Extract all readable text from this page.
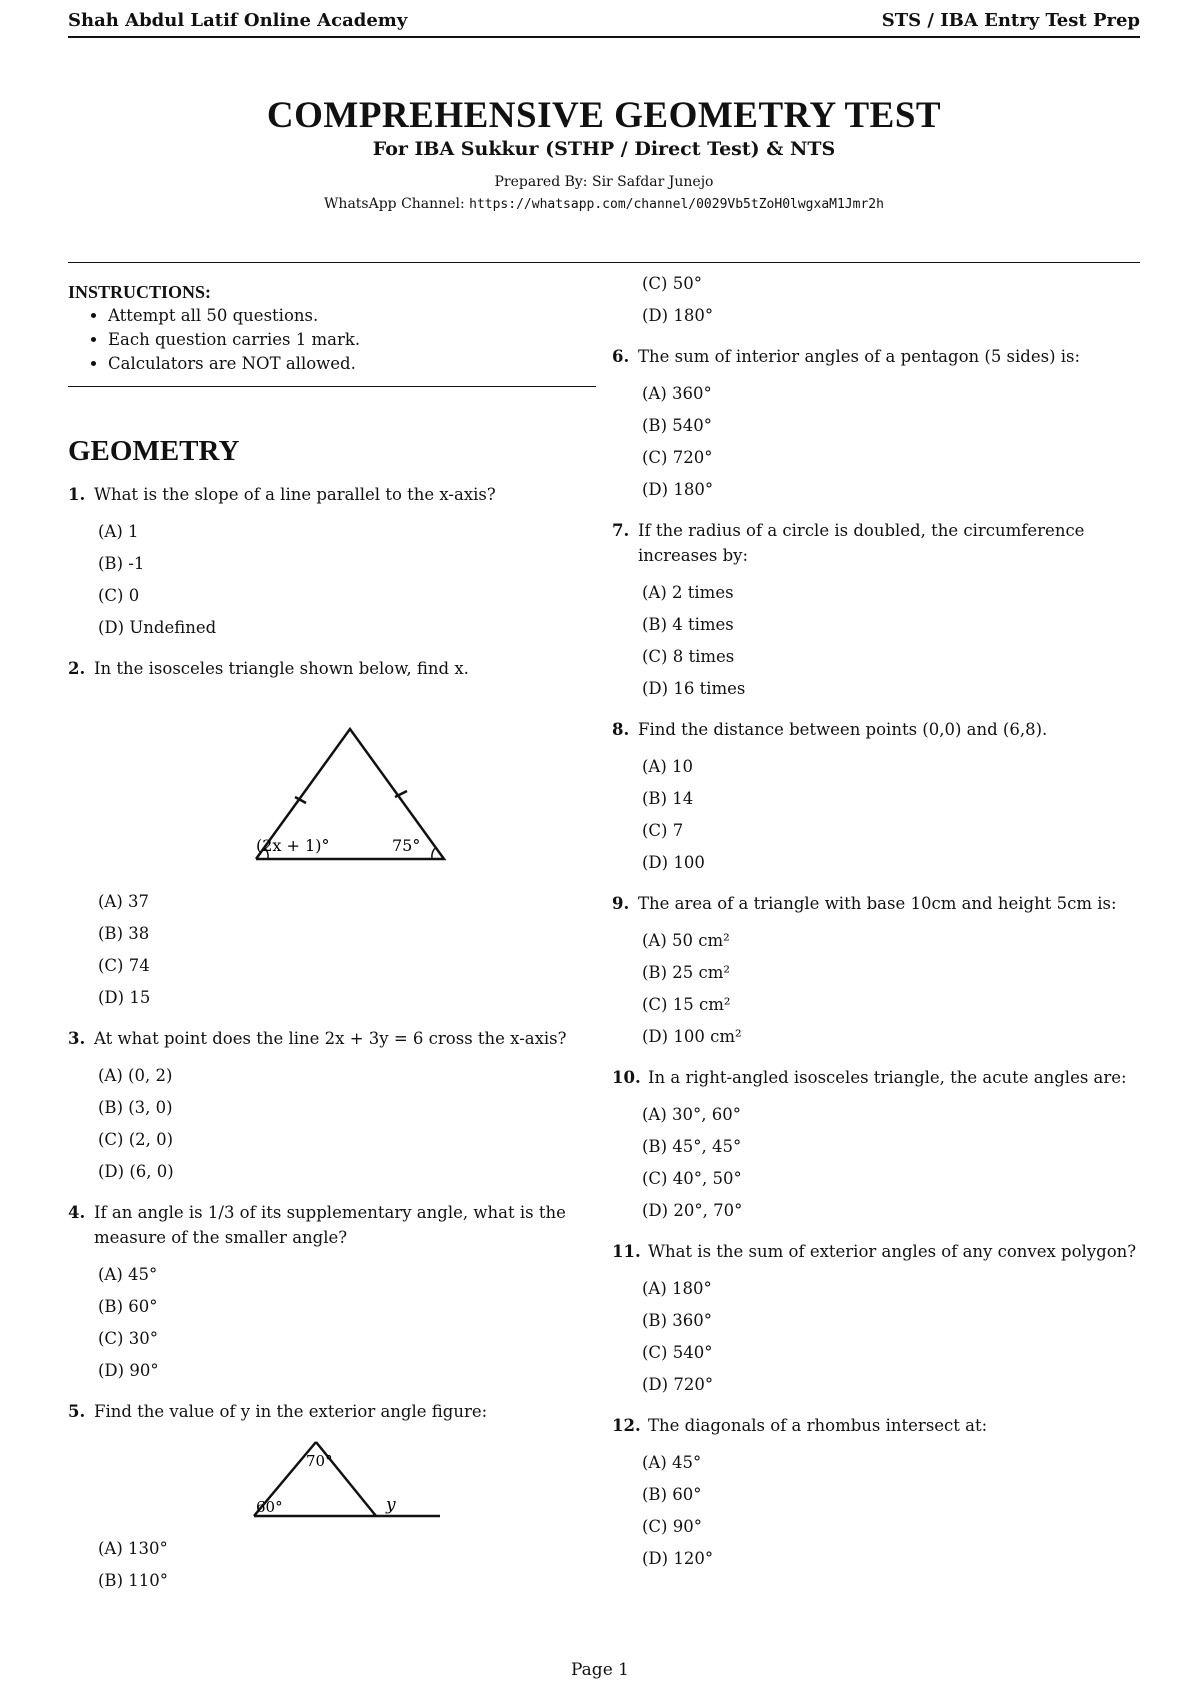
Shah Abdul Latif Online Academy	STS / IBA Entry Test Prep
COMPREHENSIVE GEOMETRY TEST
For IBA Sukkur (STHP / Direct Test) & NTS
Prepared By: Sir Safdar Junejo
WhatsApp Channel: https://whatsapp.com/channel/0029Vb5tZoH0lwgxaM1Jmr2h
INSTRUCTIONS:
• Attempt all 50 questions.
• Each question carries 1 mark.
• Calculators are NOT allowed.
GEOMETRY
1. What is the slope of a line parallel to the x-axis?
(A) 1
(B) -1
(C) 0
(D) Undefined
2. In the isosceles triangle shown below, find x.
(2x + 1)°	75°
(A) 37
(B) 38
(C) 74
(D) 15
3. At what point does the line 2x + 3y = 6 cross the x-axis?
(A) (0, 2)
(B) (3, 0)
(C) (2, 0)
(D) (6, 0)
4. If an angle is 1/3 of its supplementary angle, what is the measure of the smaller angle?
(A) 45°
(B) 60°
(C) 30°
(D) 90°
5. Find the value of y in the exterior angle figure:
70°
60°	y
(A) 130°
(B) 110°
(C) 50°
(D) 180°
6. The sum of interior angles of a pentagon (5 sides) is:
(A) 360°
(B) 540°
(C) 720°
(D) 180°
7. If the radius of a circle is doubled, the circumference increases by:
(A) 2 times
(B) 4 times
(C) 8 times
(D) 16 times
8. Find the distance between points (0,0) and (6,8).
(A) 10
(B) 14
(C) 7
(D) 100
9. The area of a triangle with base 10cm and height 5cm is:
(A) 50 cm²
(B) 25 cm²
(C) 15 cm²
(D) 100 cm²
10. In a right-angled isosceles triangle, the acute angles are:
(A) 30°, 60°
(B) 45°, 45°
(C) 40°, 50°
(D) 20°, 70°
11. What is the sum of exterior angles of any convex polygon?
(A) 180°
(B) 360°
(C) 540°
(D) 720°
12. The diagonals of a rhombus intersect at:
(A) 45°
(B) 60°
(C) 90°
(D) 120°
Page 1
